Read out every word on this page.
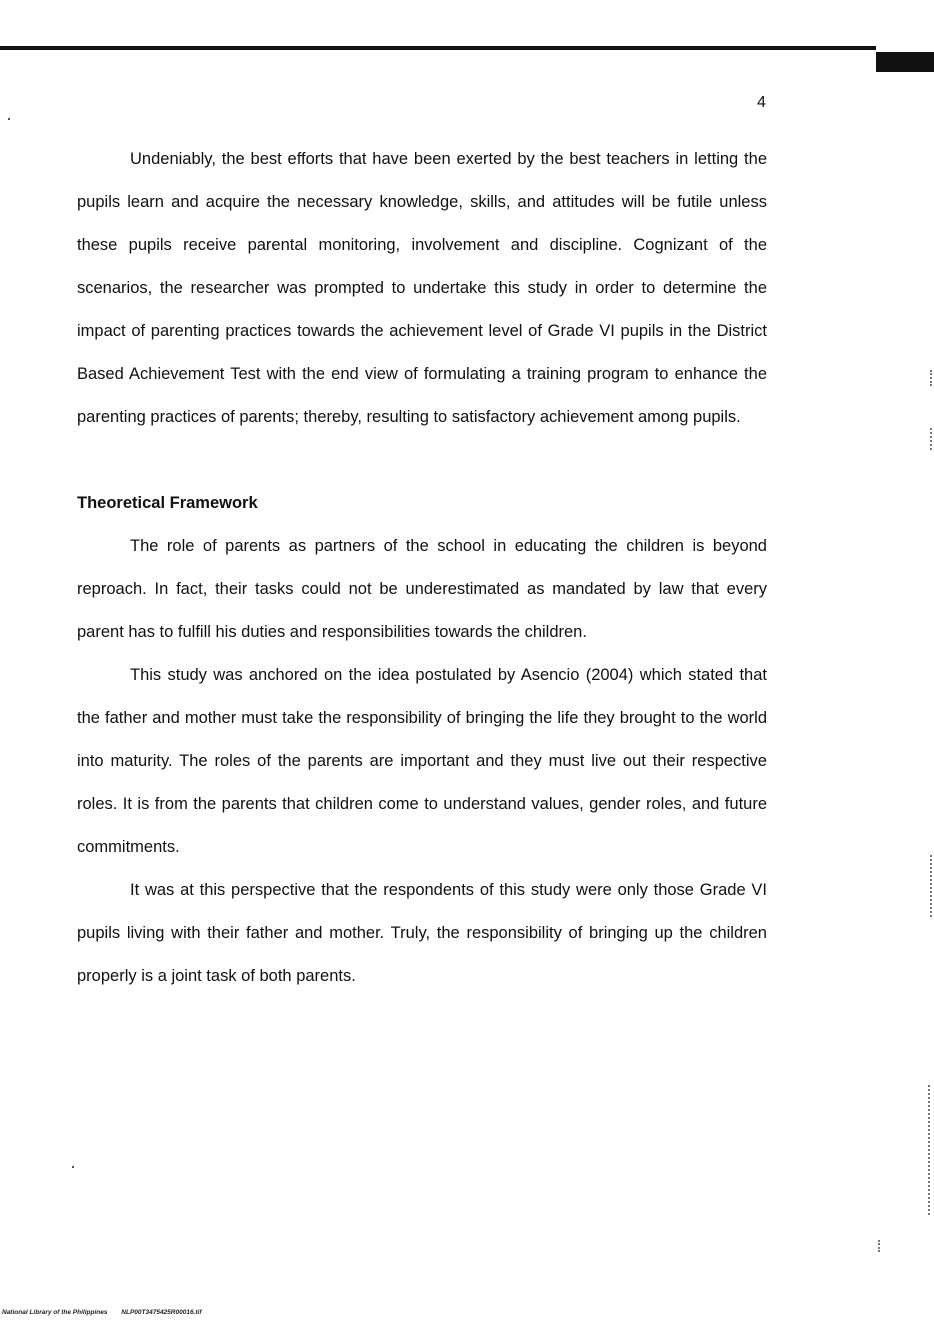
4

Undeniably, the best efforts that have been exerted by the best teachers in letting the pupils learn and acquire the necessary knowledge, skills, and attitudes will be futile unless these pupils receive parental monitoring, involvement and discipline. Cognizant of the scenarios, the researcher was prompted to undertake this study in order to determine the impact of parenting practices towards the achievement level of Grade VI pupils in the District Based Achievement Test with the end view of formulating a training program to enhance the parenting practices of parents; thereby, resulting to satisfactory achievement among pupils.

Theoretical Framework

The role of parents as partners of the school in educating the children is beyond reproach. In fact, their tasks could not be underestimated as mandated by law that every parent has to fulfill his duties and responsibilities towards the children.

This study was anchored on the idea postulated by Asencio (2004) which stated that the father and mother must take the responsibility of bringing the life they brought to the world into maturity. The roles of the parents are important and they must live out their respective roles. It is from the parents that children come to understand values, gender roles, and future commitments.

It was at this perspective that the respondents of this study were only those Grade VI pupils living with their father and mother. Truly, the responsibility of bringing up the children properly is a joint task of both parents.

National Library of the Philippines NLP00T3475425R00016.tif
